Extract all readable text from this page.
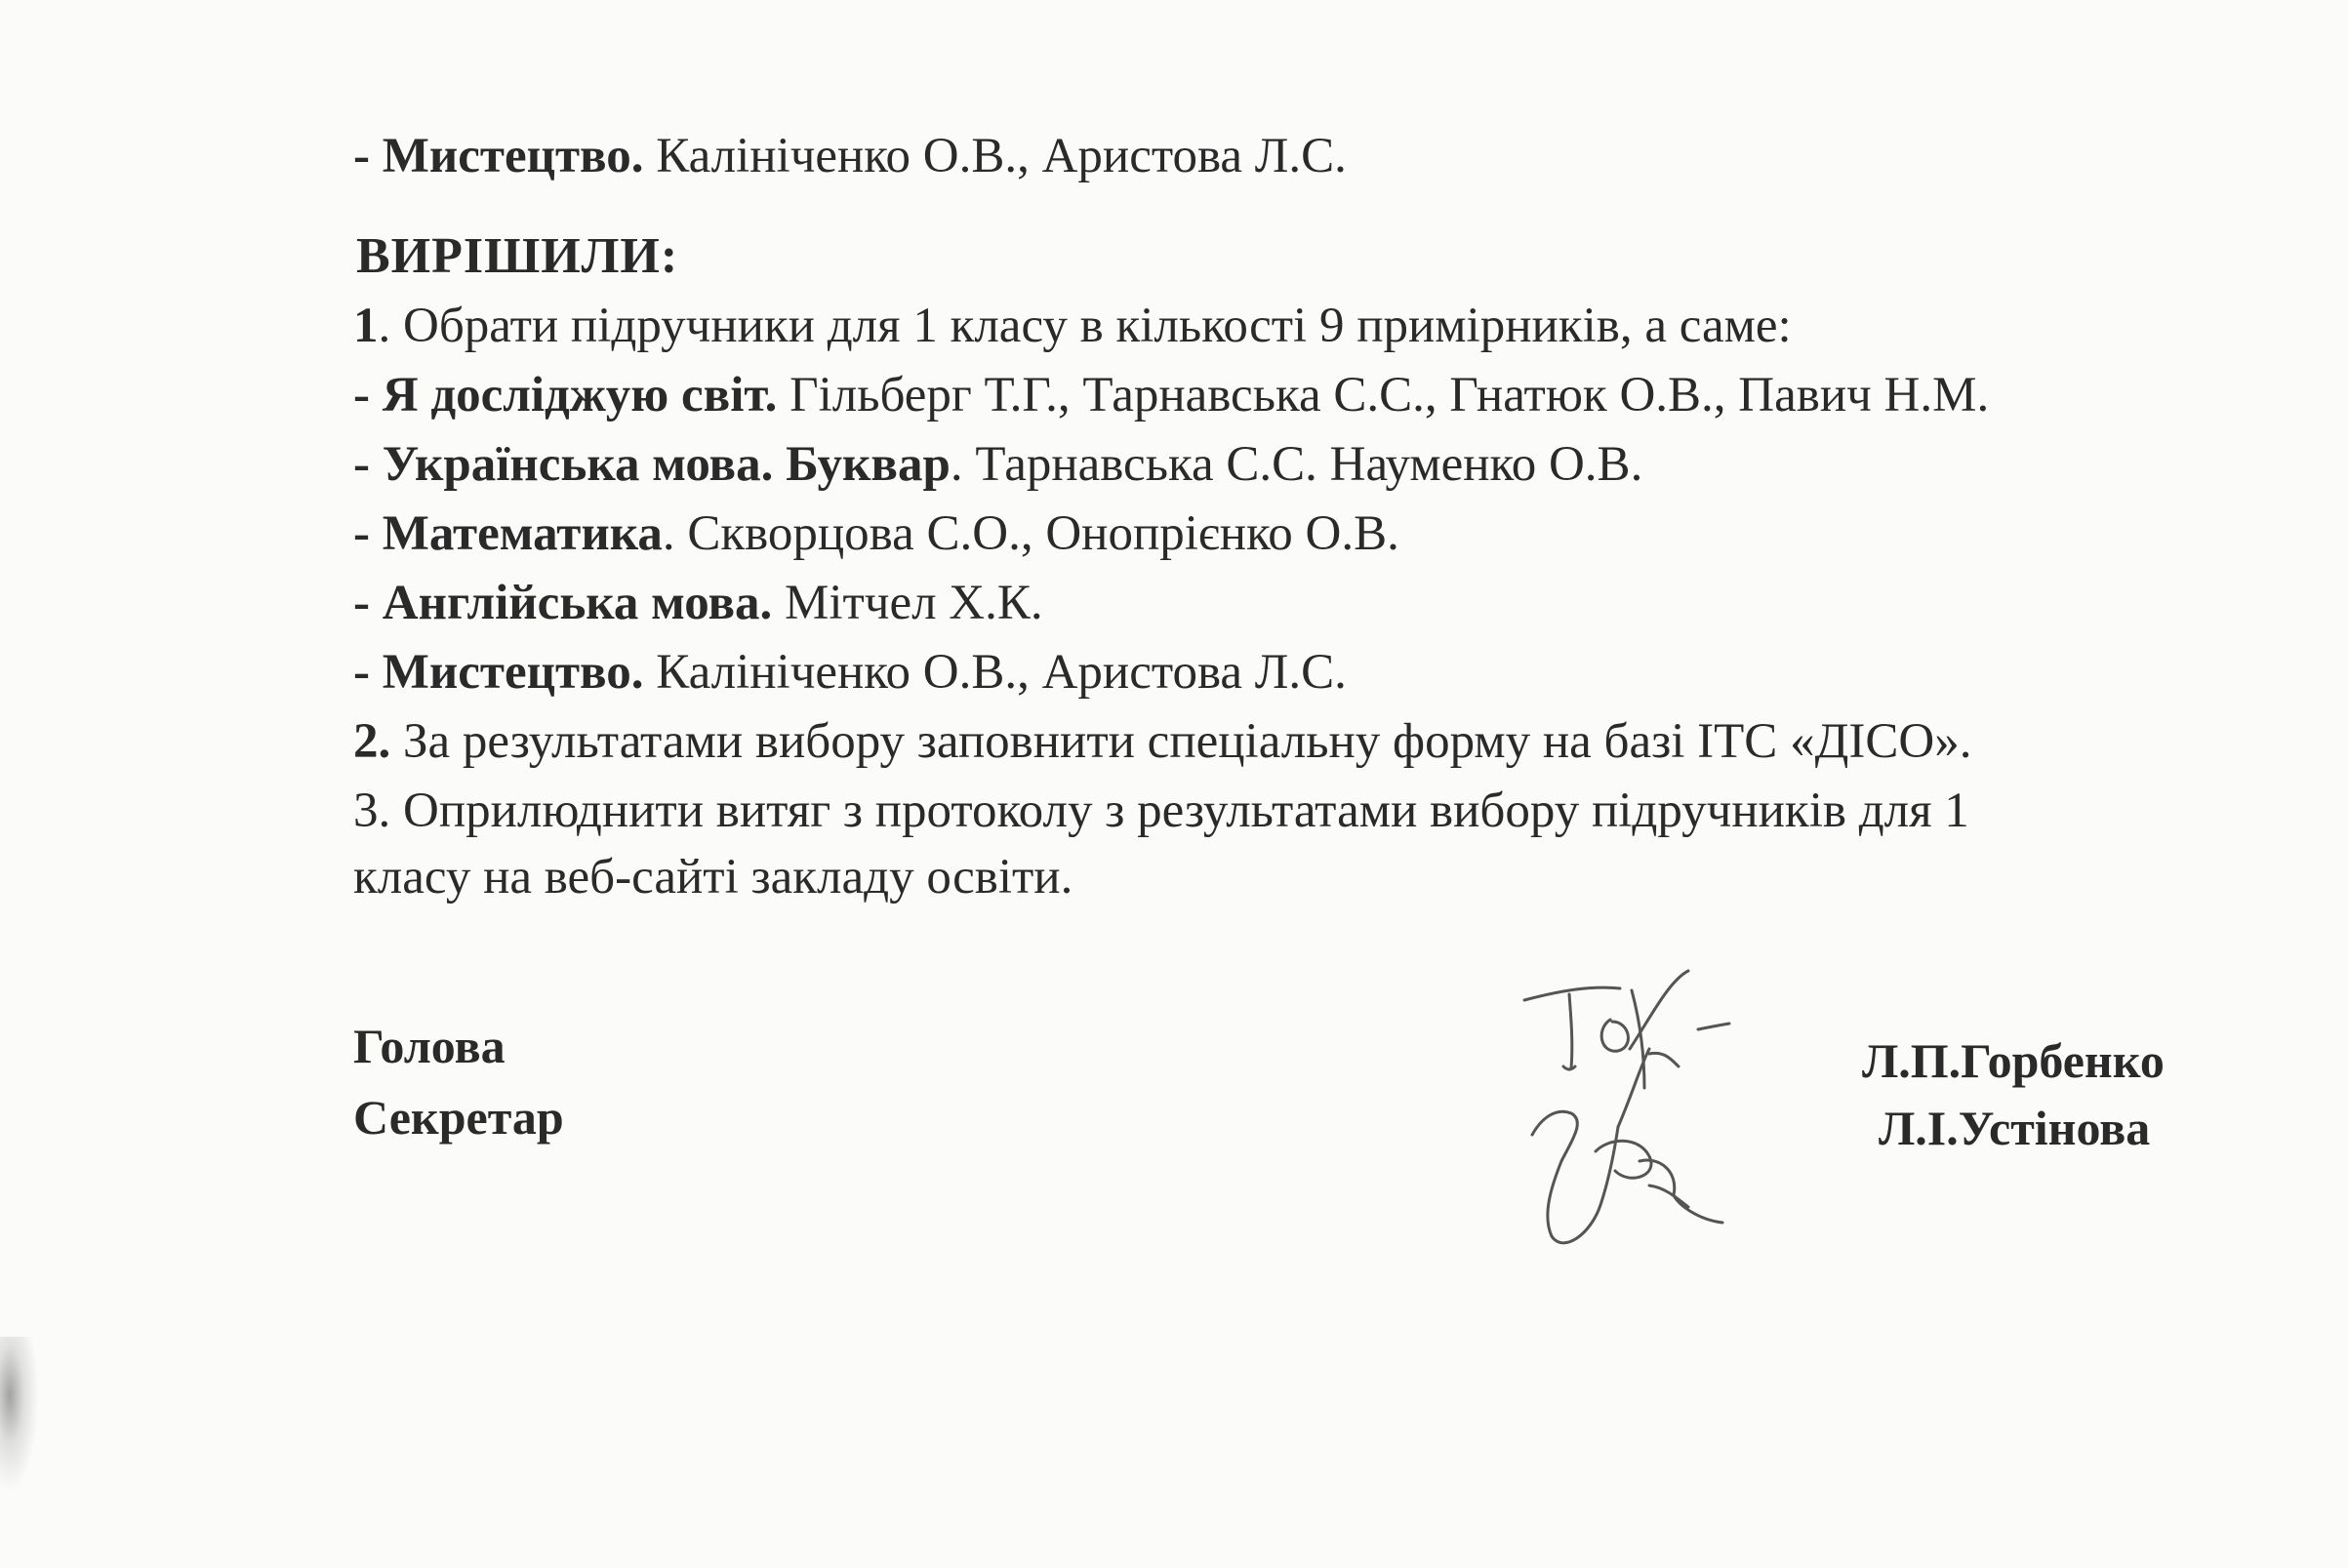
- Мистецтво. Калініченко О.В., Аристова Л.С.
ВИРІШИЛИ:
1. Обрати підручники для 1 класу в кількості 9 примірників, а саме:
- Я досліджую світ. Гільберг Т.Г., Тарнавська С.С., Гнатюк О.В., Павич Н.М.
- Українська мова. Буквар. Тарнавська С.С. Науменко О.В.
- Математика. Скворцова С.О., Онопрієнко О.В.
- Англійська мова. Мітчел Х.К.
- Мистецтво. Калініченко О.В., Аристова Л.С.
2. За результатами вибору заповнити спеціальну форму на базі ІТС «ДІСО».
3. Оприлюднити витяг з протоколу з результатами вибору підручників для 1
класу на веб-сайті закладу освіти.
Голова
Секретар
Л.П.Горбенко
Л.І.Устінова
